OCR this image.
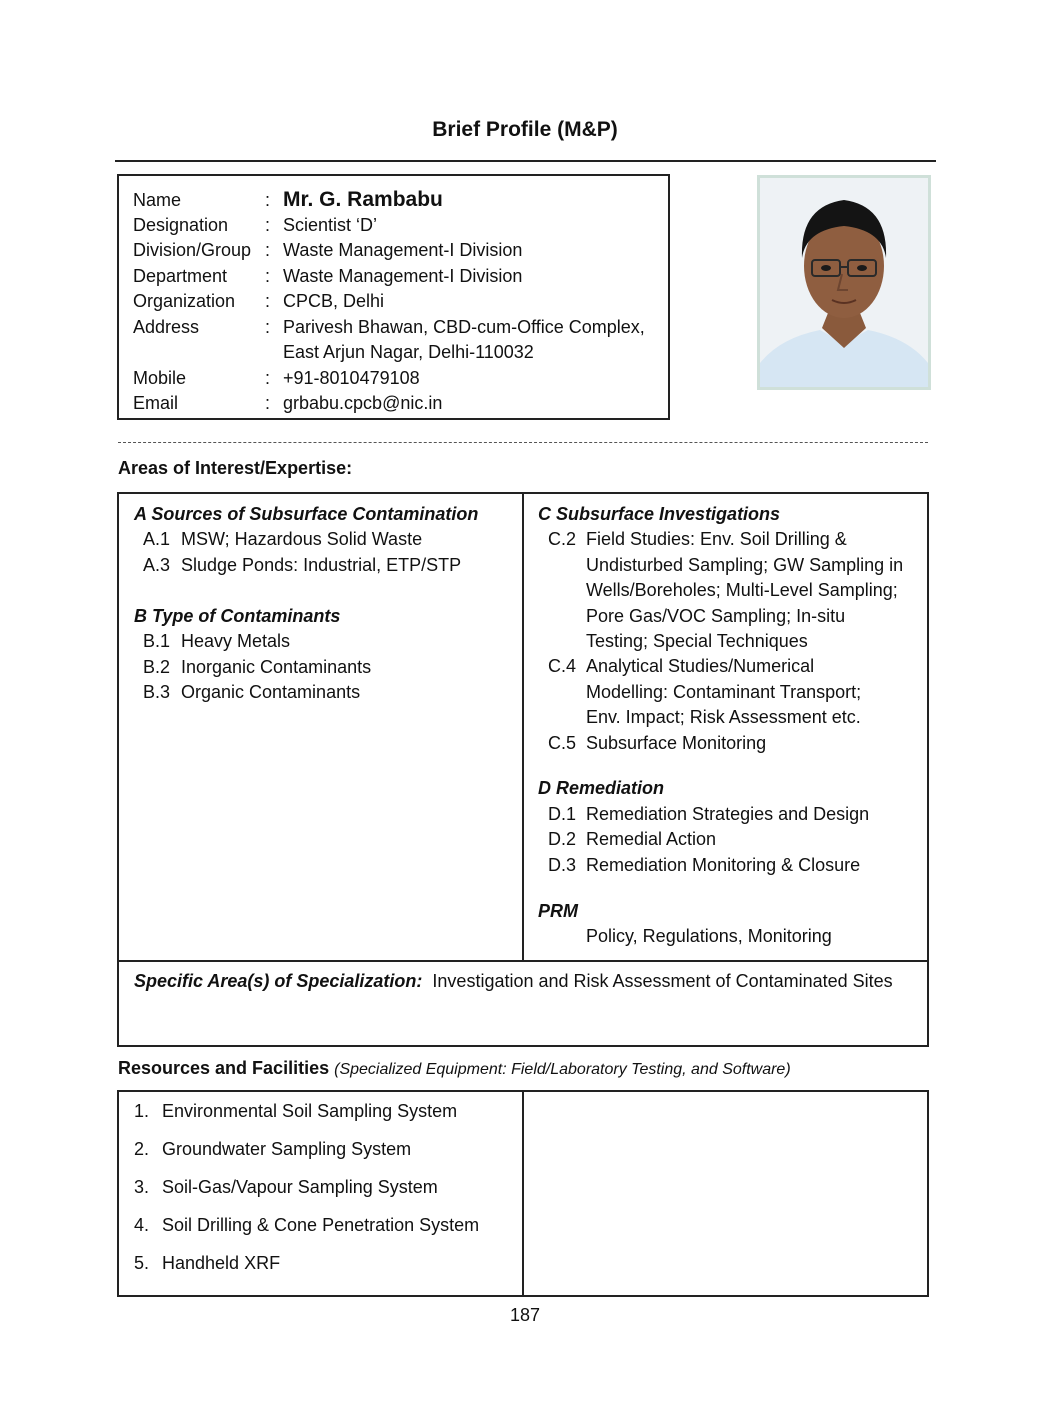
Brief Profile (M&P)
Name	: Mr. G. Rambabu
Designation : Scientist ‘D’
Division/Group : Waste Management-I Division
Department : Waste Management-I Division
Organization : CPCB, Delhi
Address	: Parivesh Bhawan, CBD-cum-Office Complex,
East Arjun Nagar, Delhi-110032
Mobile	: +91-8010479108
Email	: grbabu.cpcb@nic.in
Areas of Interest/Expertise:
A Sources of Subsurface Contamination
A.1 MSW; Hazardous Solid Waste
A.3 Sludge Ponds: Industrial, ETP/STP
B Type of Contaminants
B.1 Heavy Metals
B.2 Inorganic Contaminants
B.3 Organic Contaminants
C Subsurface Investigations
C.2 Field Studies: Env. Soil Drilling &
Undisturbed Sampling; GW Sampling in
Wells/Boreholes; Multi-Level Sampling;
Pore Gas/VOC Sampling; In-situ
Testing; Special Techniques
C.4 Analytical Studies/Numerical
Modelling: Contaminant Transport;
Env. Impact; Risk Assessment etc.
C.5 Subsurface Monitoring
D Remediation
D.1 Remediation Strategies and Design
D.2 Remedial Action
D.3 Remediation Monitoring & Closure
PRM
Policy, Regulations, Monitoring
Specific Area(s) of Specialization: Investigation and Risk Assessment of Contaminated Sites
Resources and Facilities (Specialized Equipment: Field/Laboratory Testing, and Software)
1. Environmental Soil Sampling System
2. Groundwater Sampling System
3. Soil-Gas/Vapour Sampling System
4. Soil Drilling & Cone Penetration System
5. Handheld XRF
187
